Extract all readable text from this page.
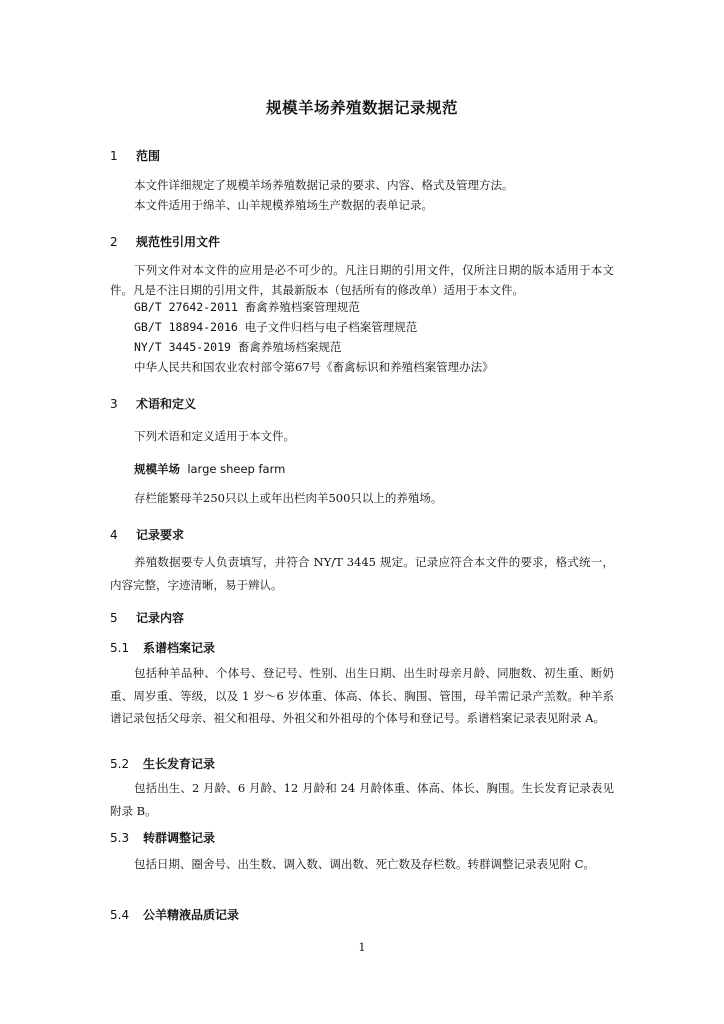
规模羊场养殖数据记录规范
1 范围
本文件详细规定了规模羊场养殖数据记录的要求、内容、格式及管理方法。
本文件适用于绵羊、山羊规模养殖场生产数据的表单记录。
2 规范性引用文件

下列文件对本文件的应用是必不可少的。凡注日期的引用文件，仅所注日期的版本适用于本文件。凡是不注日期的引用文件，其最新版本（包括所有的修改单）适用于本文件。

GB/T 27642-2011 畜禽养殖档案管理规范
GB/T 18894-2016 电子文件归档与电子档案管理规范
NY/T 3445-2019 畜禽养殖场档案规范
中华人民共和国农业农村部令第67号《畜禽标识和养殖档案管理办法》
3 术语和定义
下列术语和定义适用于本文件。
规模羊场 large sheep farm
存栏能繁母羊250只以上或年出栏肉羊500只以上的养殖场。
4 记录要求

养殖数据要专人负责填写，并符合 NY/T 3445 规定。记录应符合本文件的要求，格式统一，内容完整，字迹清晰，易于辨认。

5 记录内容
5.1 系谱档案记录

包括种羊品种、个体号、登记号、性别、出生日期、出生时母亲月龄、同胞数、初生重、断奶重、周岁重、等级，以及 1 岁～6 岁体重、体高、体长、胸围、管围，母羊需记录产羔数。种羊系谱记录包括父母亲、祖父和祖母、外祖父和外祖母的个体号和登记号。系谱档案记录表见附录 A。

5.2 生长发育记录

包括出生、2 月龄、6 月龄、12 月龄和 24 月龄体重、体高、体长、胸围。生长发育记录表见附录 B。

5.3 转群调整记录

包括日期、圈舍号、出生数、调入数、调出数、死亡数及存栏数。转群调整记录表见附 C。

5.4 公羊精液品质记录
1
